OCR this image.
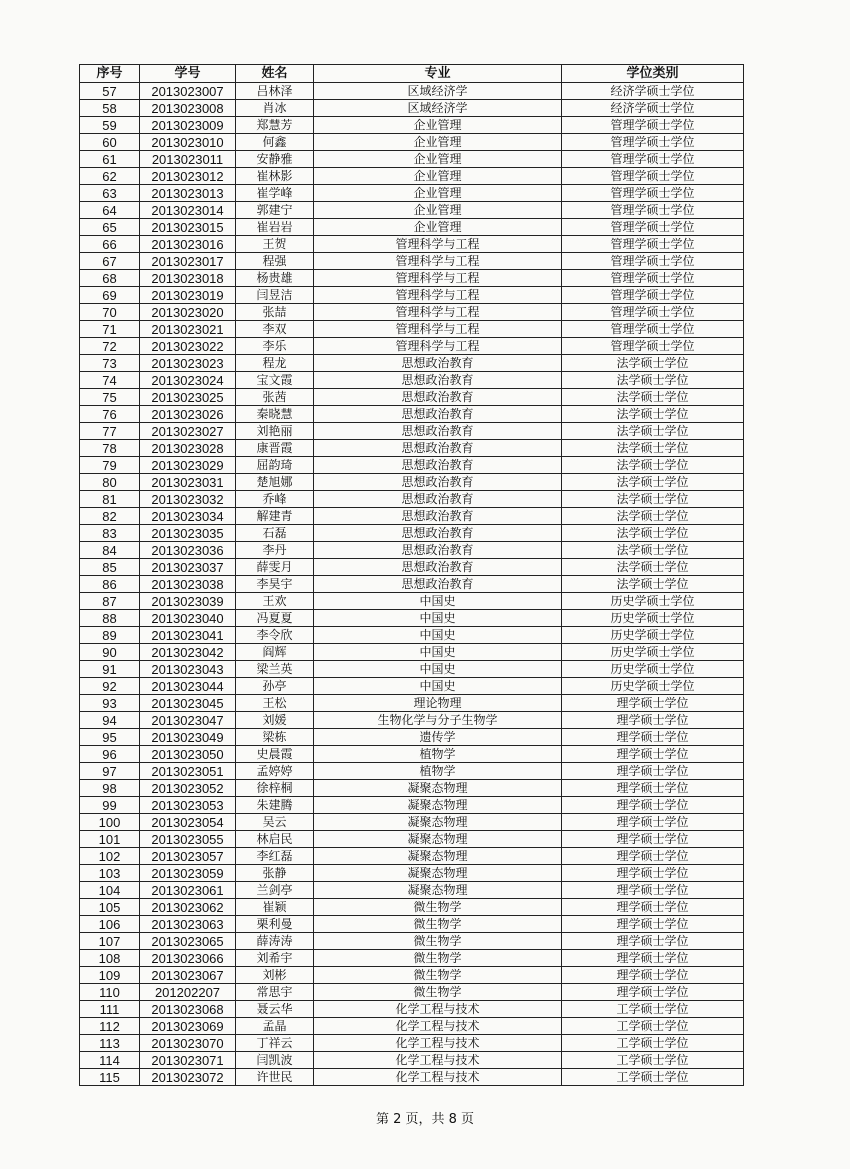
序号	学号	姓名	专业	学位类别
57	2013023007	吕林泽	区域经济学	经济学硕士学位
58	2013023008	肖冰	区域经济学	经济学硕士学位
59	2013023009	郑慧芳	企业管理	管理学硕士学位
60	2013023010	何鑫	企业管理	管理学硕士学位
61	2013023011	安静雅	企业管理	管理学硕士学位
62	2013023012	崔林影	企业管理	管理学硕士学位
63	2013023013	崔学峰	企业管理	管理学硕士学位
64	2013023014	郭建宁	企业管理	管理学硕士学位
65	2013023015	崔岩岩	企业管理	管理学硕士学位
66	2013023016	王贺	管理科学与工程	管理学硕士学位
67	2013023017	程强	管理科学与工程	管理学硕士学位
68	2013023018	杨贵雄	管理科学与工程	管理学硕士学位
69	2013023019	闫昱洁	管理科学与工程	管理学硕士学位
70	2013023020	张喆	管理科学与工程	管理学硕士学位
71	2013023021	李双	管理科学与工程	管理学硕士学位
72	2013023022	李乐	管理科学与工程	管理学硕士学位
73	2013023023	程龙	思想政治教育	法学硕士学位
74	2013023024	宝文霞	思想政治教育	法学硕士学位
75	2013023025	张茜	思想政治教育	法学硕士学位
76	2013023026	秦晓慧	思想政治教育	法学硕士学位
77	2013023027	刘艳丽	思想政治教育	法学硕士学位
78	2013023028	康晋霞	思想政治教育	法学硕士学位
79	2013023029	屈韵琦	思想政治教育	法学硕士学位
80	2013023031	楚旭娜	思想政治教育	法学硕士学位
81	2013023032	乔峰	思想政治教育	法学硕士学位
82	2013023034	解建青	思想政治教育	法学硕士学位
83	2013023035	石磊	思想政治教育	法学硕士学位
84	2013023036	李丹	思想政治教育	法学硕士学位
85	2013023037	薛雯月	思想政治教育	法学硕士学位
86	2013023038	李昊宇	思想政治教育	法学硕士学位
87	2013023039	王欢	中国史	历史学硕士学位
88	2013023040	冯夏夏	中国史	历史学硕士学位
89	2013023041	李令欣	中国史	历史学硕士学位
90	2013023042	阎辉	中国史	历史学硕士学位
91	2013023043	梁兰英	中国史	历史学硕士学位
92	2013023044	孙亭	中国史	历史学硕士学位
93	2013023045	王松	理论物理	理学硕士学位
94	2013023047	刘媛	生物化学与分子生物学	理学硕士学位
95	2013023049	梁栋	遗传学	理学硕士学位
96	2013023050	史晨霞	植物学	理学硕士学位
97	2013023051	孟婷婷	植物学	理学硕士学位
98	2013023052	徐梓桐	凝聚态物理	理学硕士学位
99	2013023053	朱建腾	凝聚态物理	理学硕士学位
100	2013023054	吴云	凝聚态物理	理学硕士学位
101	2013023055	林启民	凝聚态物理	理学硕士学位
102	2013023057	李红磊	凝聚态物理	理学硕士学位
103	2013023059	张静	凝聚态物理	理学硕士学位
104	2013023061	兰剑亭	凝聚态物理	理学硕士学位
105	2013023062	崔颖	微生物学	理学硕士学位
106	2013023063	栗利曼	微生物学	理学硕士学位
107	2013023065	薛涛涛	微生物学	理学硕士学位
108	2013023066	刘希宇	微生物学	理学硕士学位
109	2013023067	刘彬	微生物学	理学硕士学位
110	201202207	常思宇	微生物学	理学硕士学位
111	2013023068	聂云华	化学工程与技术	工学硕士学位
112	2013023069	孟晶	化学工程与技术	工学硕士学位
113	2013023070	丁祥云	化学工程与技术	工学硕士学位
114	2013023071	闫凯波	化学工程与技术	工学硕士学位
115	2013023072	许世民	化学工程与技术	工学硕士学位
第 2 页，共 8 页
